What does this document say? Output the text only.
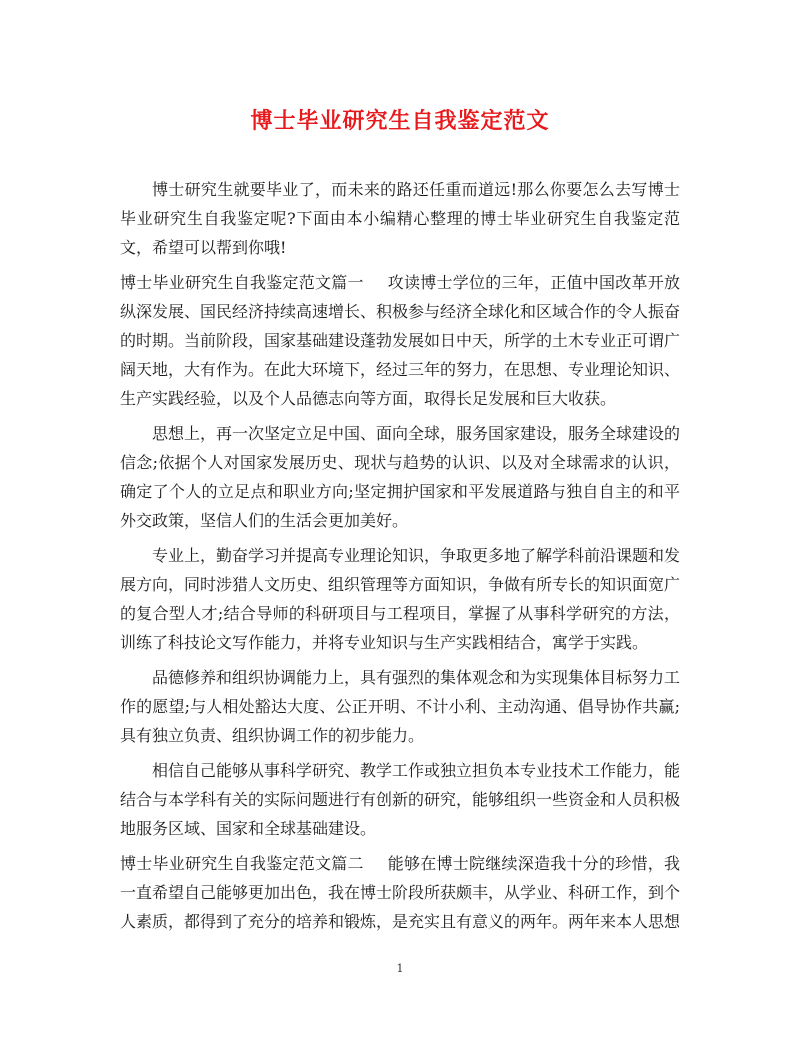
博士毕业研究生自我鉴定范文

博士研究生就要毕业了，而未来的路还任重而道远!那么你要怎么去写博士毕业研究生自我鉴定呢?下面由本小编精心整理的博士毕业研究生自我鉴定范文，希望可以帮到你哦!

博士毕业研究生自我鉴定范文篇一 攻读博士学位的三年，正值中国改革开放纵深发展、国民经济持续高速增长、积极参与经济全球化和区域合作的令人振奋的时期。当前阶段，国家基础建设蓬勃发展如日中天，所学的土木专业正可谓广阔天地，大有作为。在此大环境下，经过三年的努力，在思想、专业理论知识、生产实践经验，以及个人品德志向等方面，取得长足发展和巨大收获。

思想上，再一次坚定立足中国、面向全球，服务国家建设，服务全球建设的信念;依据个人对国家发展历史、现状与趋势的认识、以及对全球需求的认识，确定了个人的立足点和职业方向;坚定拥护国家和平发展道路与独自自主的和平外交政策，坚信人们的生活会更加美好。

专业上，勤奋学习并提高专业理论知识，争取更多地了解学科前沿课题和发展方向，同时涉猎人文历史、组织管理等方面知识，争做有所专长的知识面宽广的复合型人才;结合导师的科研项目与工程项目，掌握了从事科学研究的方法，训练了科技论文写作能力，并将专业知识与生产实践相结合，寓学于实践。

品德修养和组织协调能力上，具有强烈的集体观念和为实现集体目标努力工作的愿望;与人相处豁达大度、公正开明、不计小利、主动沟通、倡导协作共赢;具有独立负责、组织协调工作的初步能力。

相信自己能够从事科学研究、教学工作或独立担负本专业技术工作能力，能结合与本学科有关的实际问题进行有创新的研究，能够组织一些资金和人员积极地服务区域、国家和全球基础建设。

博士毕业研究生自我鉴定范文篇二 能够在博士院继续深造我十分的珍惜，我一直希望自己能够更加出色，我在博士阶段所获颇丰，从学业、科研工作，到个人素质，都得到了充分的培养和锻炼，是充实且有意义的两年。两年来本人思想

1
